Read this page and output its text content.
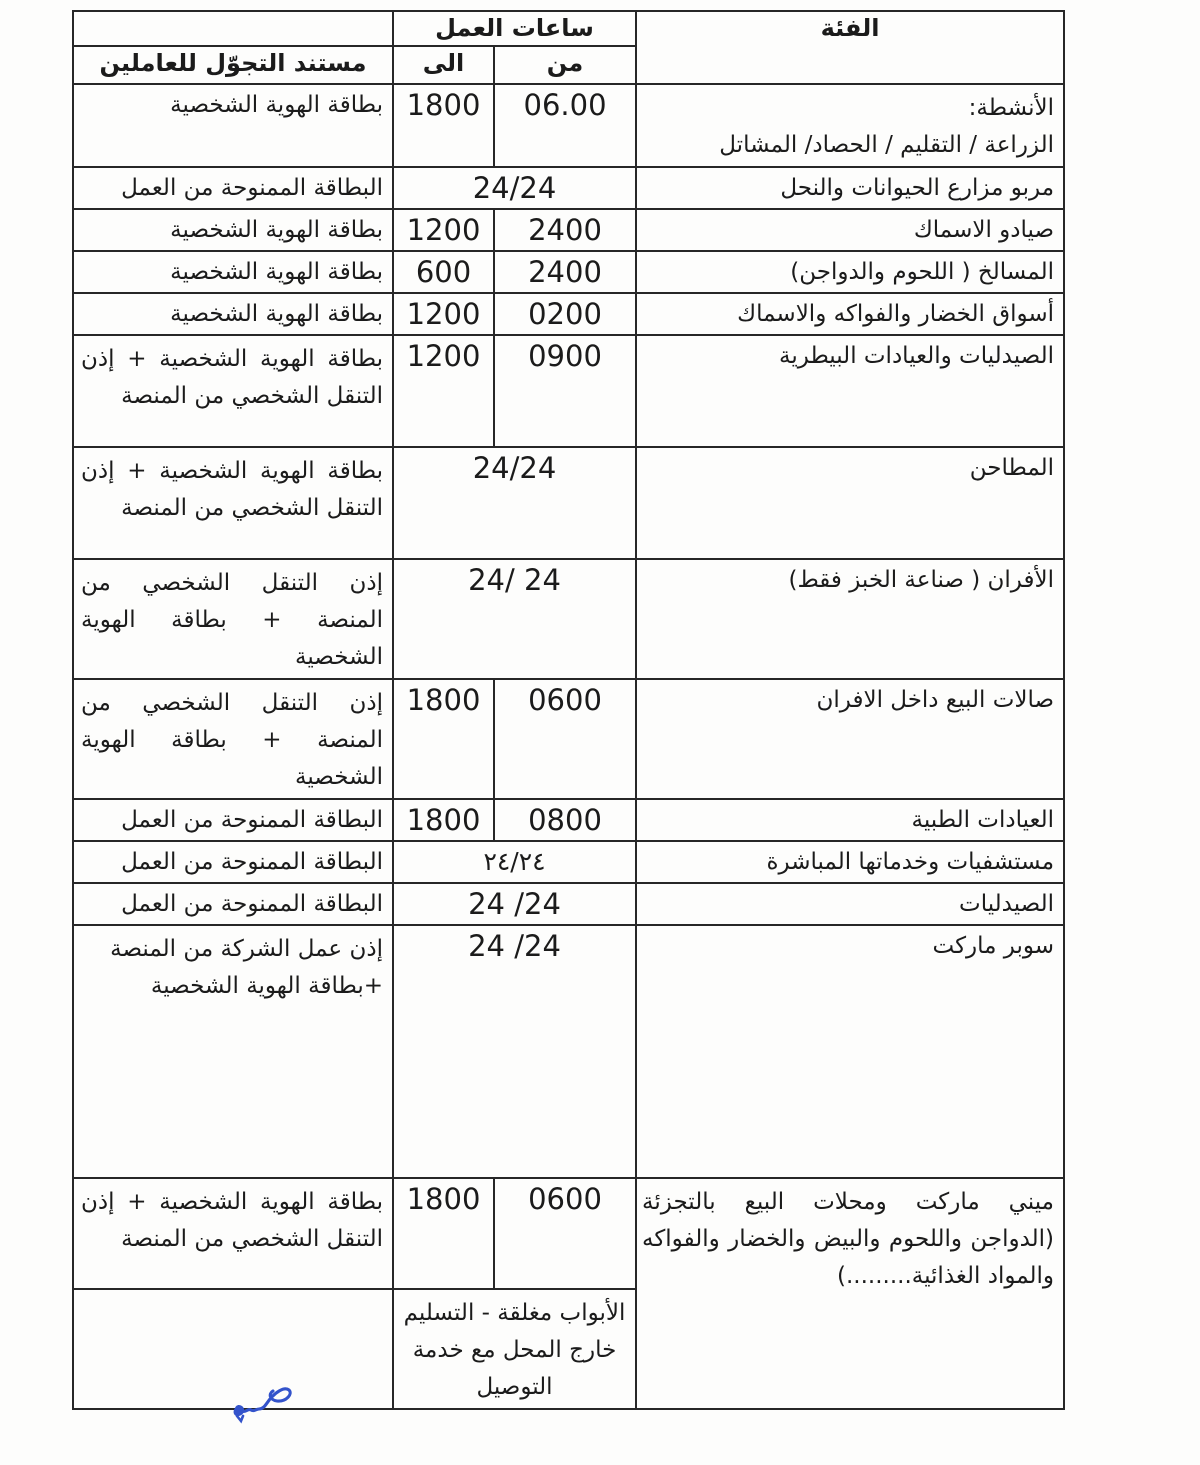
الفئة	ساعات العمل		
	من	الى	مستند التجوّل للعاملين

الأنشطة:
الزراعة / التقليم / الحصاد/ المشاتل	06.00	1800	بطاقة الهوية الشخصية
مربو مزارع الحيوانات والنحل	24/24		البطاقة الممنوحة من العمل
صيادو الاسماك	2400	1200	بطاقة الهوية الشخصية
المسالخ ( اللحوم والدواجن)	2400	600	بطاقة الهوية الشخصية
أسواق الخضار والفواكه والاسماك	0200	1200	بطاقة الهوية الشخصية
الصيدليات والعيادات البيطرية	0900	1200	بطاقة الهوية الشخصية + إذن التنقل الشخصي من المنصة
المطاحن	24/24		بطاقة الهوية الشخصية + إذن التنقل الشخصي من المنصة
الأفران ( صناعة الخبز فقط)	24/ 24		إذن التنقل الشخصي من المنصة + بطاقة الهوية الشخصية
صالات البيع داخل الافران	0600	1800	إذن التنقل الشخصي من المنصة + بطاقة الهوية الشخصية
العيادات الطبية	0800	1800	البطاقة الممنوحة من العمل
مستشفيات وخدماتها المباشرة	٢٤/٢٤		البطاقة الممنوحة من العمل
الصيدليات	24 /24		البطاقة الممنوحة من العمل
سوبر ماركت	24 /24		إذن عمل الشركة من المنصة +بطاقة الهوية الشخصية
ميني ماركت ومحلات البيع بالتجزئة (الدواجن واللحوم والبيض والخضار والفواكه والمواد الغذائية.........)	0600	1800	بطاقة الهوية الشخصية + إذن التنقل الشخصي من المنصة
	الأبواب مغلقة - التسليم خارج المحل مع خدمة التوصيل		
